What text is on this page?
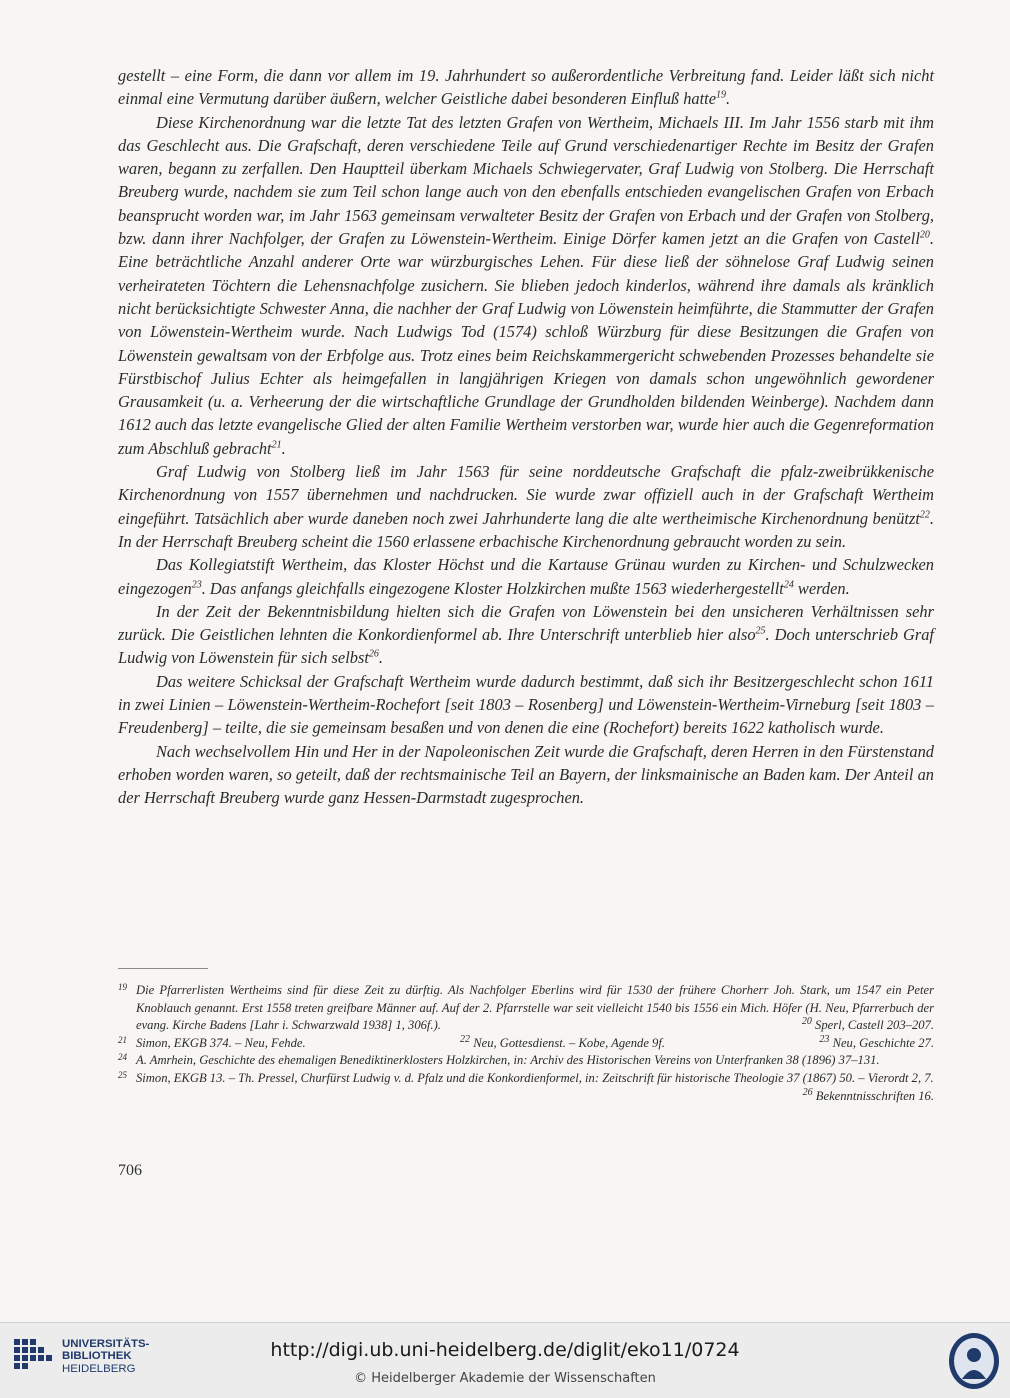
gestellt – eine Form, die dann vor allem im 19. Jahrhundert so außerordentliche Verbreitung fand. Leider läßt sich nicht einmal eine Vermutung darüber äußern, welcher Geistliche dabei besonderen Einfluß hatte$^{19}$.

Diese Kirchenordnung war die letzte Tat des letzten Grafen von Wertheim, Michaels III. Im Jahr 1556 starb mit ihm das Geschlecht aus. Die Grafschaft, deren verschiedene Teile auf Grund verschiedenartiger Rechte im Besitz der Grafen waren, begann zu zerfallen. Den Hauptteil überkam Michaels Schwiegervater, Graf Ludwig von Stolberg. Die Herrschaft Breuberg wurde, nachdem sie zum Teil schon lange auch von den ebenfalls entschieden evangelischen Grafen von Erbach beansprucht worden war, im Jahr 1563 gemeinsam verwalteter Besitz der Grafen von Erbach und der Grafen von Stolberg, bzw. dann ihrer Nachfolger, der Grafen zu Löwenstein-Wertheim. Einige Dörfer kamen jetzt an die Grafen von Castell$^{20}$. Eine beträchtliche Anzahl anderer Orte war würzburgisches Lehen. Für diese ließ der söhnelose Graf Ludwig seinen verheirateten Töchtern die Lehensnachfolge zusichern. Sie blieben jedoch kinderlos, während ihre damals als kränklich nicht berücksichtigte Schwester Anna, die nachher der Graf Ludwig von Löwenstein heimführte, die Stammutter der Grafen von Löwenstein-Wertheim wurde. Nach Ludwigs Tod (1574) schloß Würzburg für diese Besitzungen die Grafen von Löwenstein gewaltsam von der Erbfolge aus. Trotz eines beim Reichskammergericht schwebenden Prozesses behandelte sie Fürstbischof Julius Echter als heimgefallen in langjährigen Kriegen von damals schon ungewöhnlich gewordener Grausamkeit (u. a. Verheerung der die wirtschaftliche Grundlage der Grundholden bildenden Weinberge). Nachdem dann 1612 auch das letzte evangelische Glied der alten Familie Wertheim verstorben war, wurde hier auch die Gegenreformation zum Abschluß gebracht$^{21}$.

Graf Ludwig von Stolberg ließ im Jahr 1563 für seine norddeutsche Grafschaft die pfalz-zweibrükkenische Kirchenordnung von 1557 übernehmen und nachdrucken. Sie wurde zwar offiziell auch in der Grafschaft Wertheim eingeführt. Tatsächlich aber wurde daneben noch zwei Jahrhunderte lang die alte wertheimische Kirchenordnung benützt$^{22}$. In der Herrschaft Breuberg scheint die 1560 erlassene erbachische Kirchenordnung gebraucht worden zu sein.

Das Kollegiatstift Wertheim, das Kloster Höchst und die Kartause Grünau wurden zu Kirchen- und Schulzwecken eingezogen$^{23}$. Das anfangs gleichfalls eingezogene Kloster Holzkirchen mußte 1563 wiederhergestellt$^{24}$ werden.

In der Zeit der Bekenntnisbildung hielten sich die Grafen von Löwenstein bei den unsicheren Verhältnissen sehr zurück. Die Geistlichen lehnten die Konkordienformel ab. Ihre Unterschrift unterblieb hier also$^{25}$. Doch unterschrieb Graf Ludwig von Löwenstein für sich selbst$^{26}$.

Das weitere Schicksal der Grafschaft Wertheim wurde dadurch bestimmt, daß sich ihr Besitzergeschlecht schon 1611 in zwei Linien – Löwenstein-Wertheim-Rochefort [seit 1803 – Rosenberg] und Löwenstein-Wertheim-Virneburg [seit 1803 – Freudenberg] – teilte, die sie gemeinsam besaßen und von denen die eine (Rochefort) bereits 1622 katholisch wurde.

Nach wechselvollem Hin und Her in der Napoleonischen Zeit wurde die Grafschaft, deren Herren in den Fürstenstand erhoben worden waren, so geteilt, daß der rechtsmainische Teil an Bayern, der linksmainische an Baden kam. Der Anteil an der Herrschaft Breuberg wurde ganz Hessen-Darmstadt zugesprochen.

19 Die Pfarrerlisten Wertheims sind für diese Zeit zu dürftig. Als Nachfolger Eberlins wird für 1530 der frühere Chorherr Joh. Stark, um 1547 ein Peter Knoblauch genannt. Erst 1558 treten greifbare Männer auf. Auf der 2. Pfarrstelle war seit vielleicht 1540 bis 1556 ein Mich. Höfer (H. Neu, Pfarrerbuch der evang. Kirche Badens [Lahr i. Schwarzwald 1938] 1, 306f.).	$^{20}$ Sperl, Castell 203–207.
21 Simon, EKGB 374. – Neu, Fehde.	$^{22}$ Neu, Gottesdienst. – Kobe, Agende 9f.	$^{23}$ Neu, Geschichte 27.
24 A. Amrhein, Geschichte des ehemaligen Benediktinerklosters Holzkirchen, in: Archiv des Historischen Vereins von Unterfranken 38 (1896) 37–131.
25 Simon, EKGB 13. – Th. Pressel, Churfürst Ludwig v. d. Pfalz und die Konkordienformel, in: Zeitschrift für historische Theologie 37 (1867) 50. – Vierordt 2, 7.
$^{26}$ Bekenntnisschriften 16.
706
UNIVERSITÄTS-
BIBLIOTHEK
HEIDELBERG
http://digi.ub.uni-heidelberg.de/diglit/eko11/0724
© Heidelberger Akademie der Wissenschaften
